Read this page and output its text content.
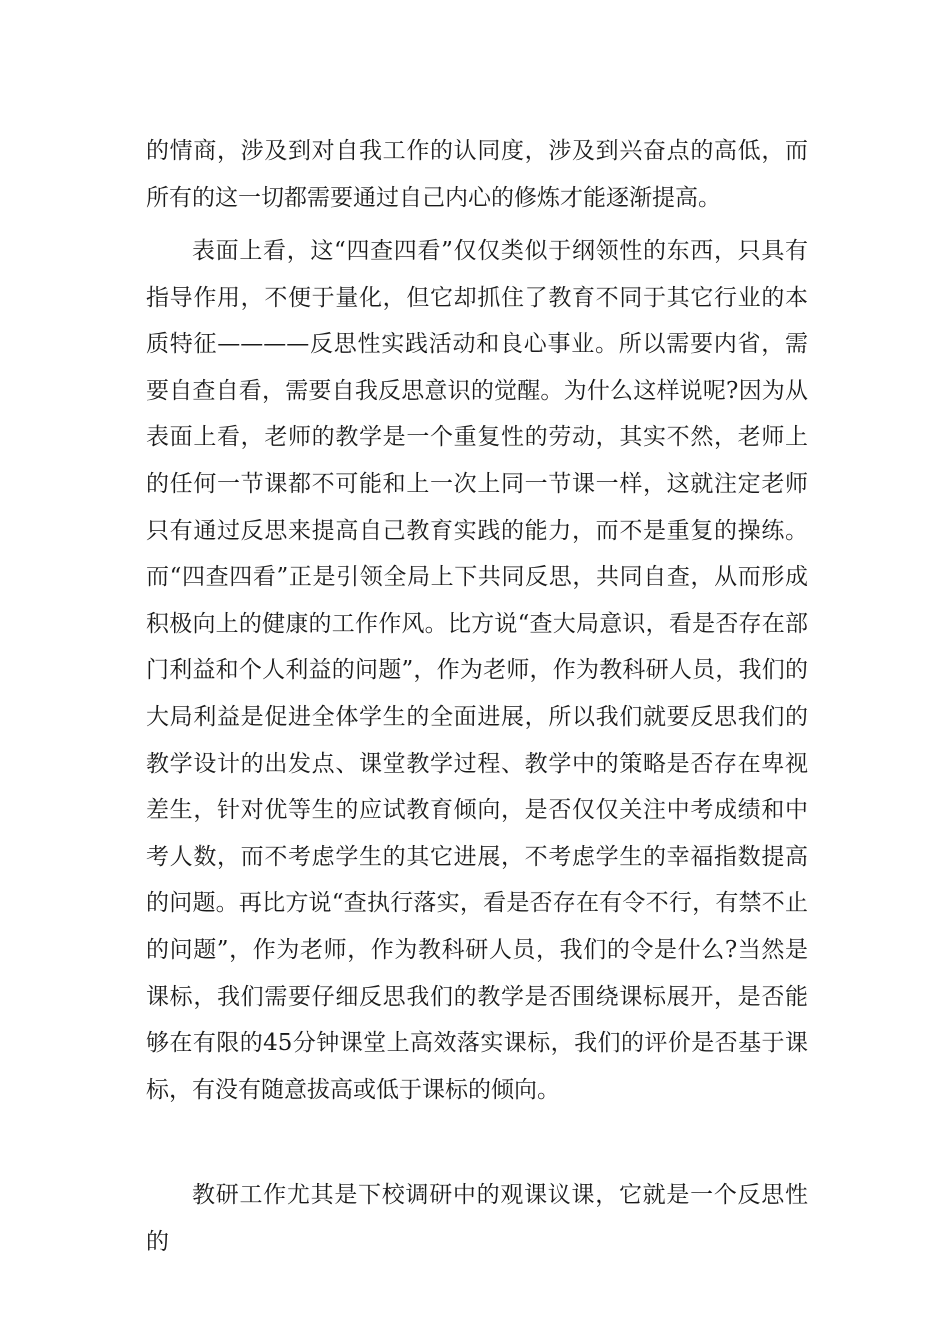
的情商，涉及到对自我工作的认同度，涉及到兴奋点的高低，而所有的这一切都需要通过自己内心的修炼才能逐渐提高。

表面上看，这“四查四看”仅仅类似于纲领性的东西，只具有指导作用，不便于量化，但它却抓住了教育不同于其它行业的本质特征————反思性实践活动和良心事业。所以需要内省，需要自查自看，需要自我反思意识的觉醒。为什么这样说呢?因为从表面上看，老师的教学是一个重复性的劳动，其实不然，老师上的任何一节课都不可能和上一次上同一节课一样，这就注定老师只有通过反思来提高自己教育实践的能力，而不是重复的操练。而“四查四看”正是引领全局上下共同反思，共同自查，从而形成积极向上的健康的工作作风。比方说“查大局意识，看是否存在部门利益和个人利益的问题”，作为老师，作为教科研人员，我们的大局利益是促进全体学生的全面进展，所以我们就要反思我们的教学设计的出发点、课堂教学过程、教学中的策略是否存在卑视差生，针对优等生的应试教育倾向，是否仅仅关注中考成绩和中考人数，而不考虑学生的其它进展，不考虑学生的幸福指数提高的问题。再比方说“查执行落实，看是否存在有令不行，有禁不止的问题”，作为老师，作为教科研人员，我们的令是什么?当然是课标，我们需要仔细反思我们的教学是否围绕课标展开，是否能够在有限的45分钟课堂上高效落实课标，我们的评价是否基于课标，有没有随意拔高或低于课标的倾向。

教研工作尤其是下校调研中的观课议课，它就是一个反思性的
